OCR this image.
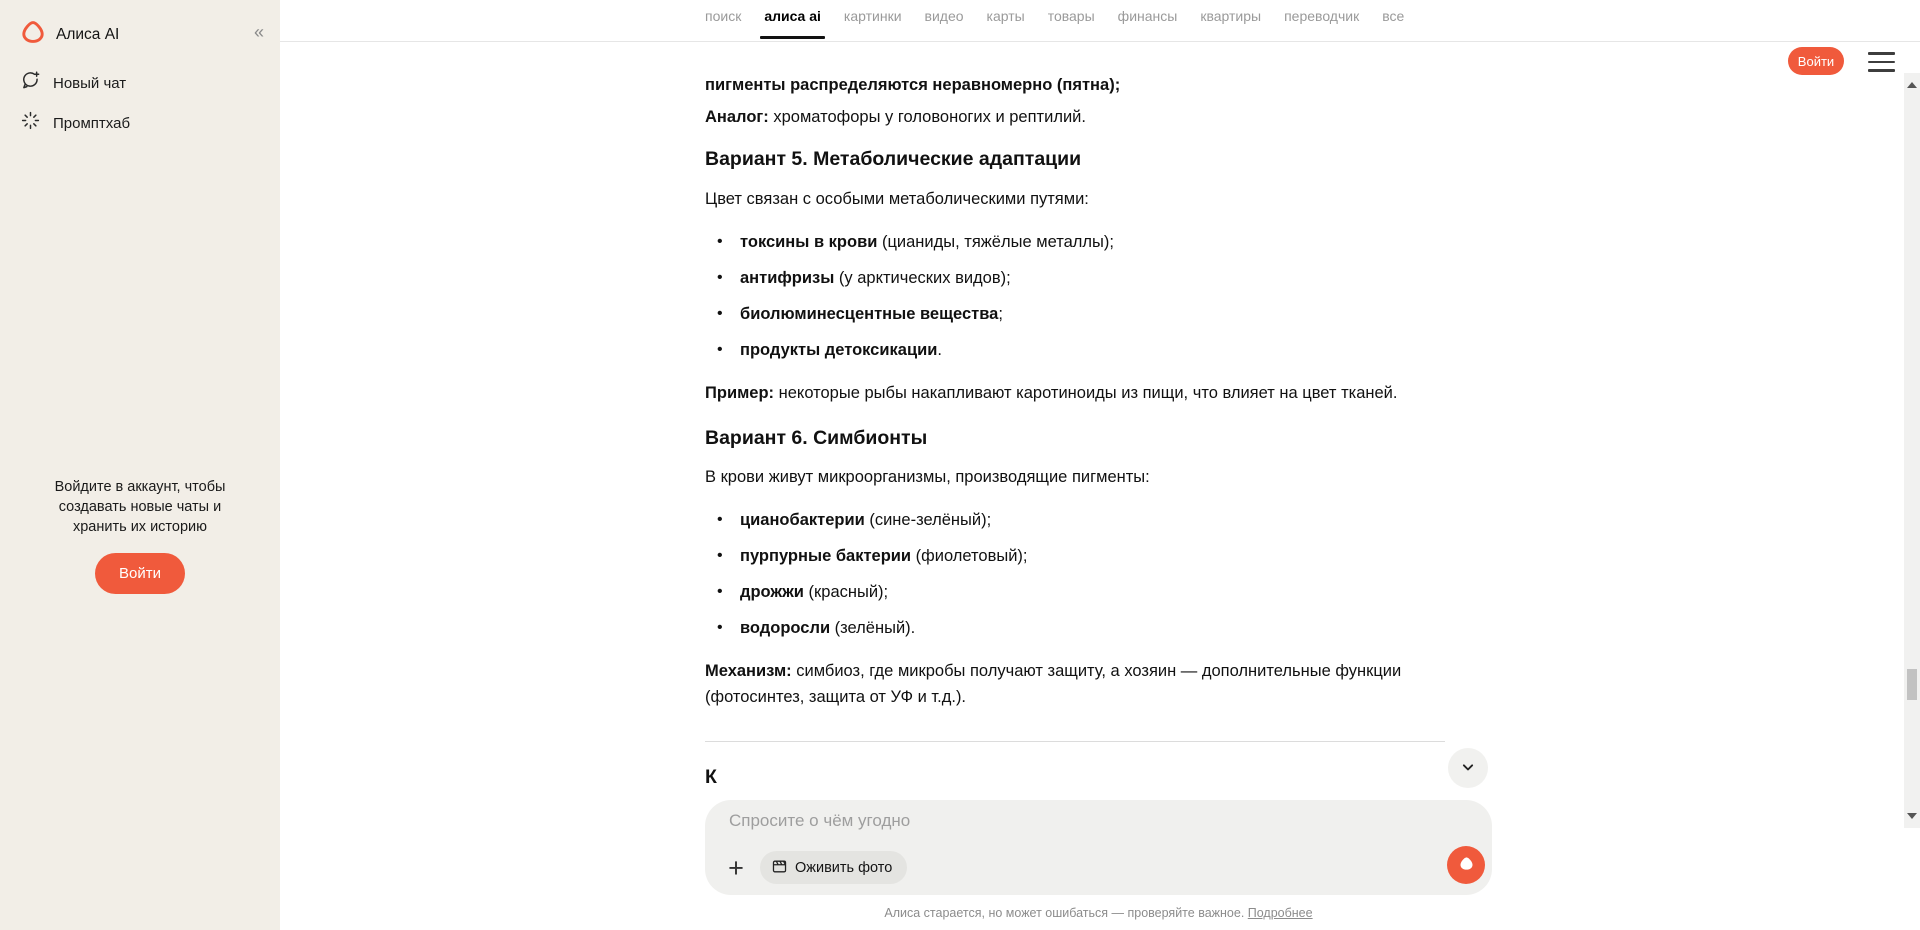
Алиса AI	«
Новый чат
Промптхаб
Войдите в аккаунт, чтобы создавать новые чаты и хранить их историю
Войти
поиск алиса ai картинки видео карты товары финансы квартиры переводчик все
Войти

пигменты распределяются неравномерно (пятна);

Аналог: хроматофоры у головоногих и рептилий.

Вариант 5. Метаболические адаптации

Цвет связан с особыми метаболическими путями:

• токсины в крови (цианиды, тяжёлые металлы);
• антифризы (у арктических видов);
• биолюминесцентные вещества;
• продукты детоксикации.

Пример: некоторые рыбы накапливают каротиноиды из пищи, что влияет на цвет тканей.

Вариант 6. Симбионты

В крови живут микроорганизмы, производящие пигменты:

• цианобактерии (сине-зелёный);
• пурпурные бактерии (фиолетовый);
• дрожжи (красный);
• водоросли (зелёный).

Механизм: симбиоз, где микробы получают защиту, а хозяин — дополнительные функции (фотосинтез, защита от УФ и т.д.).

К
Спросите о чём угодно
+	Оживить фото
Алиса старается, но может ошибаться — проверяйте важное. Подробнее
